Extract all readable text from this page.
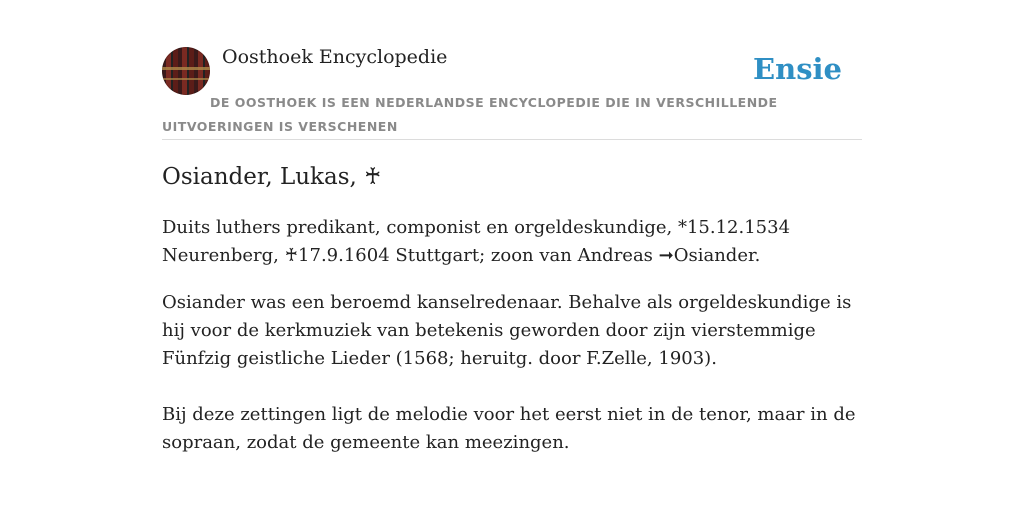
Oosthoek Encyclopedie	Ensie
DE OOSTHOEK IS EEN NEDERLANDSE ENCYCLOPEDIE DIE IN VERSCHILLENDE UITVOERINGEN IS VERSCHENEN
Osiander, Lukas, ♰

Duits luthers predikant, componist en orgeldeskundige, *15.12.1534 Neurenberg, ♰17.9.1604 Stuttgart; zoon van Andreas ➞Osiander.

Osiander was een beroemd kanselredenaar. Behalve als orgeldeskundige is hij voor de kerkmuziek van betekenis geworden door zijn vierstemmige Fünfzig geistliche Lieder (1568; heruitg. door F.Zelle, 1903).

Bij deze zettingen ligt de melodie voor het eerst niet in de tenor, maar in de sopraan, zodat de gemeente kan meezingen.
